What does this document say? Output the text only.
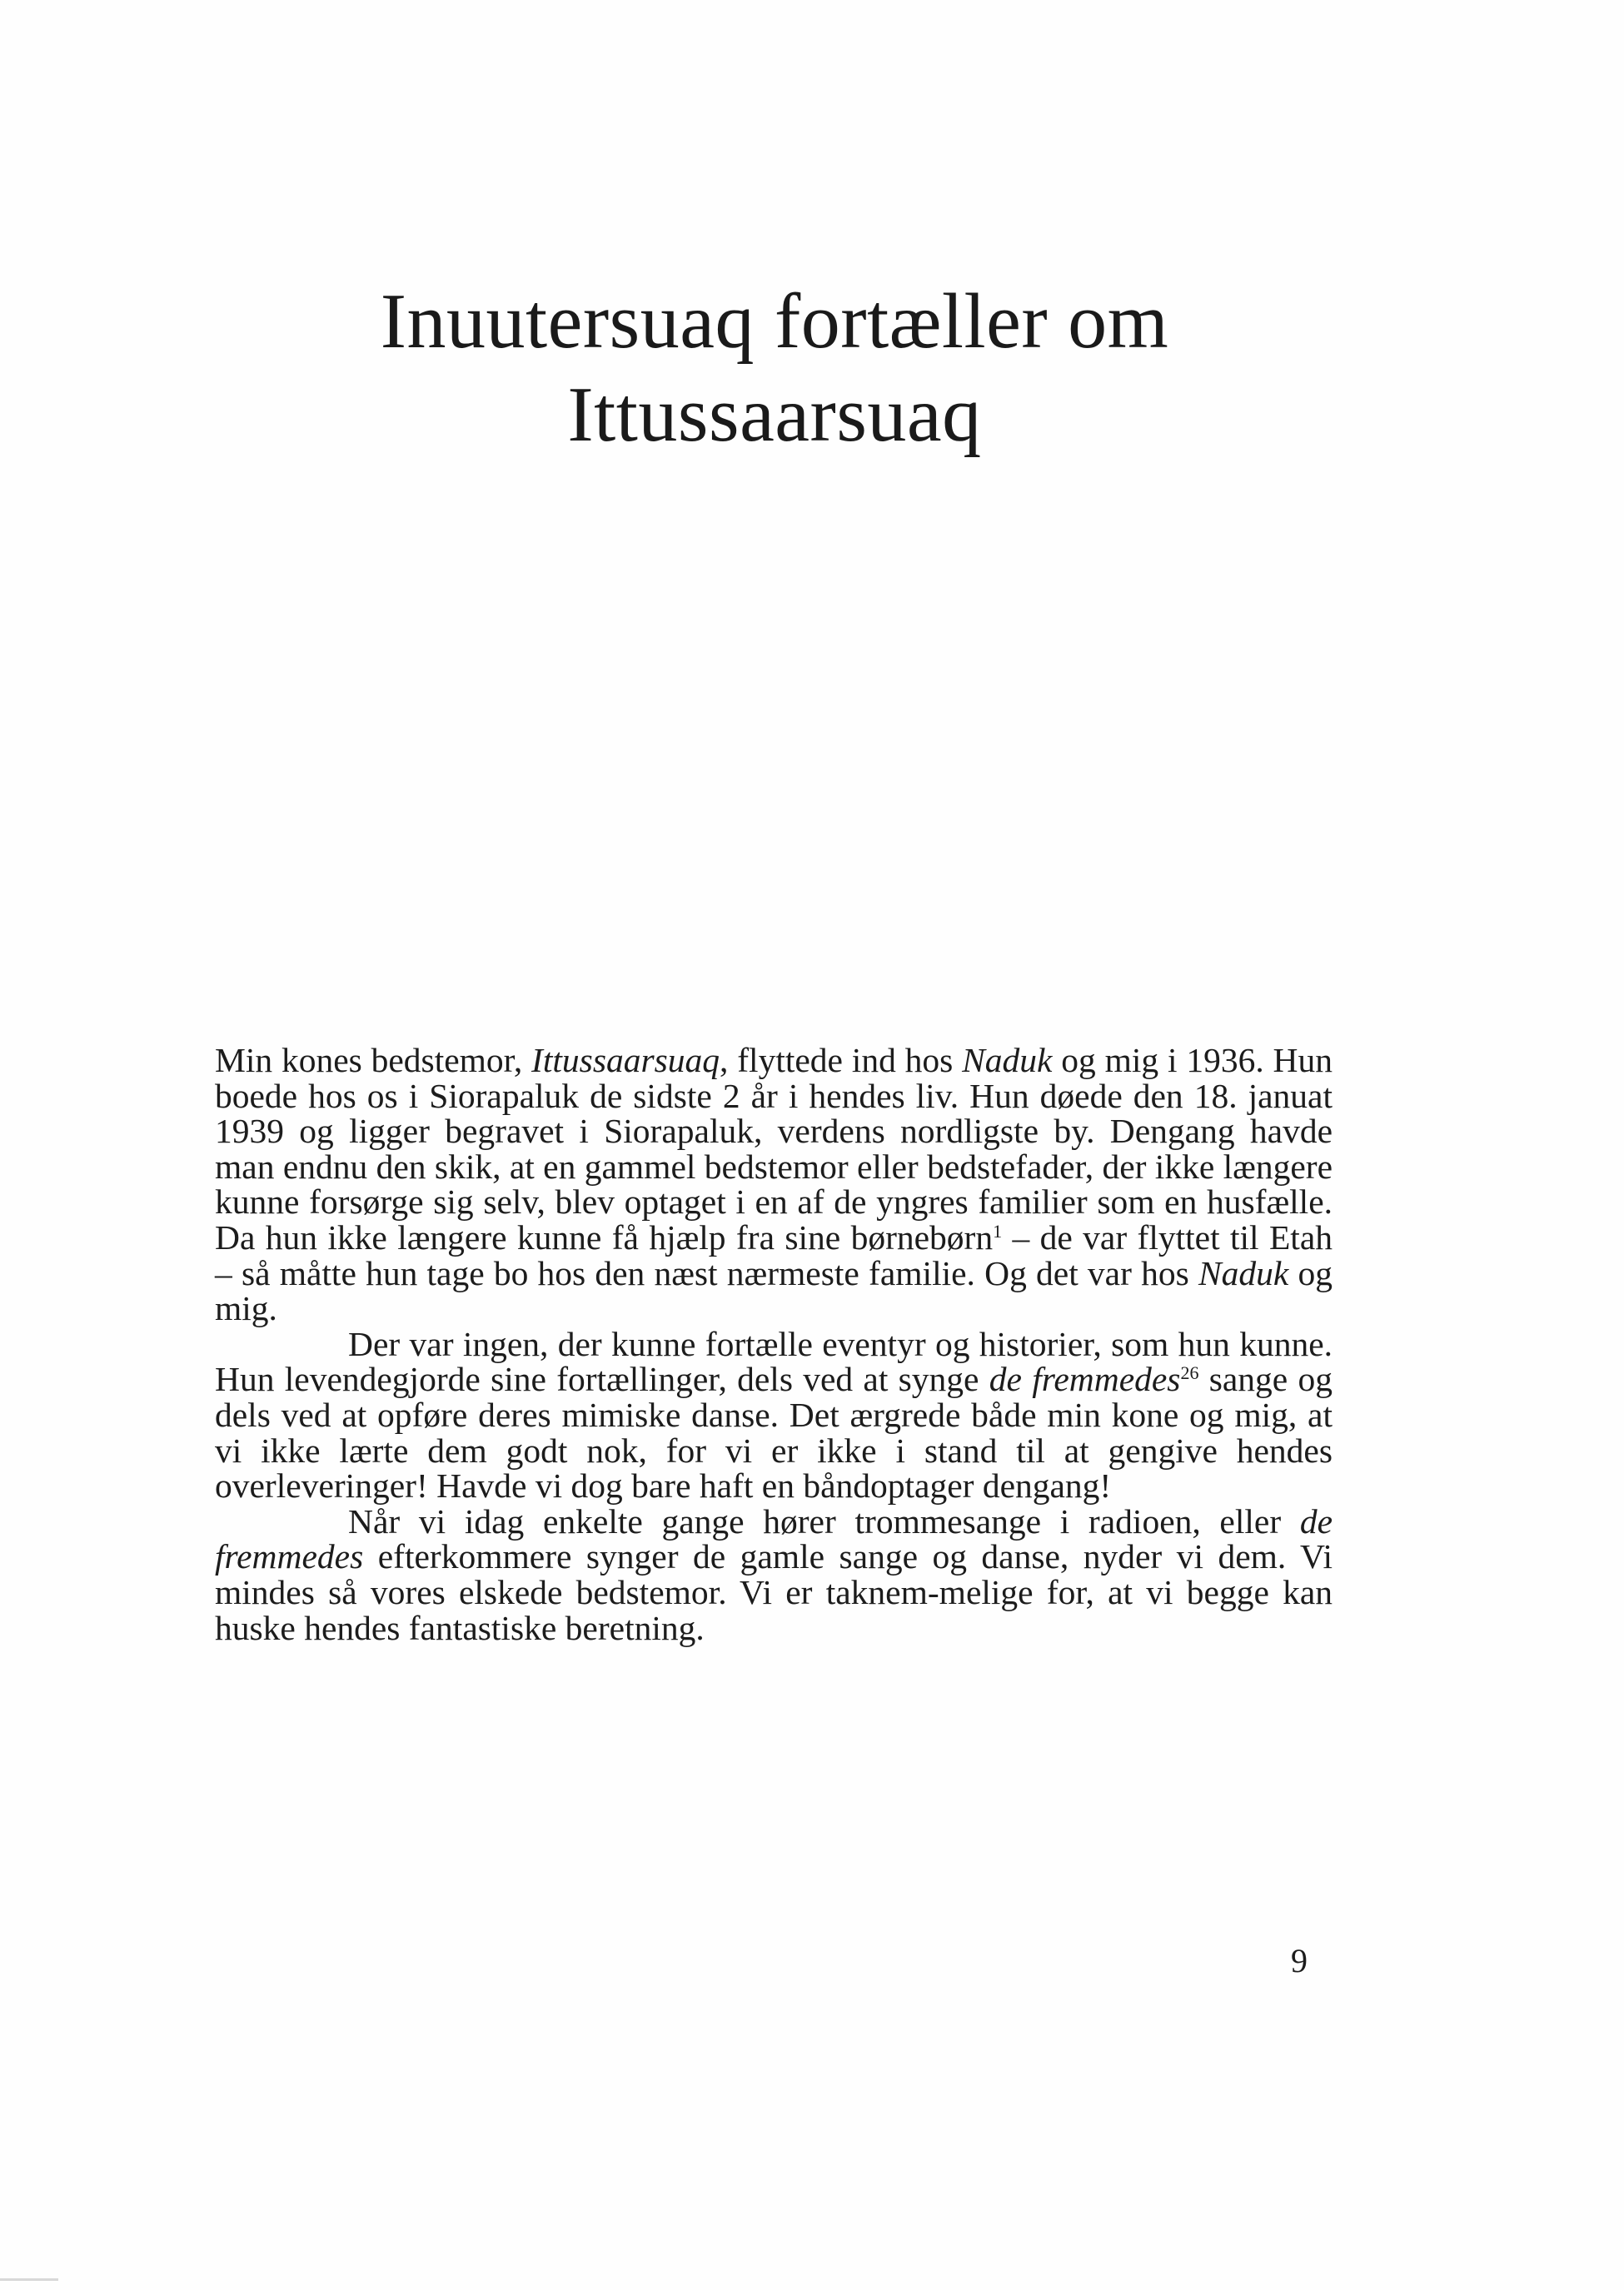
Inuutersuaq fortæller om
Ittussaarsuaq

Min kones bedstemor, Ittussaarsuaq, flyttede ind hos Naduk og mig i 1936. Hun boede hos os i Siorapaluk de sidste 2 år i hendes liv. Hun døede den 18. januat 1939 og ligger begravet i Siorapaluk, verdens nordligste by. Dengang havde man endnu den skik, at en gammel bedstemor eller bedstefader, der ikke længere kunne forsørge sig selv, blev optaget i en af de yngres familier som en husfælle. Da hun ikke længere kunne få hjælp fra sine børnebørn$^1$ – de var flyttet til Etah – så måtte hun tage bo hos den næst nærmeste familie. Og det var hos Naduk og mig.

Der var ingen, der kunne fortælle eventyr og historier, som hun kunne. Hun levendegjorde sine fortællinger, dels ved at synge de fremmedes$^{26}$ sange og dels ved at opføre deres mimiske danse. Det ærgrede både min kone og mig, at vi ikke lærte dem godt nok, for vi er ikke i stand til at gengive hendes overleveringer! Havde vi dog bare haft en båndoptager dengang!

Når vi idag enkelte gange hører trommesange i radioen, eller de fremmedes efterkommere synger de gamle sange og danse, nyder vi dem. Vi mindes så vores elskede bedstemor. Vi er taknem-melige for, at vi begge kan huske hendes fantastiske beretning.

9
